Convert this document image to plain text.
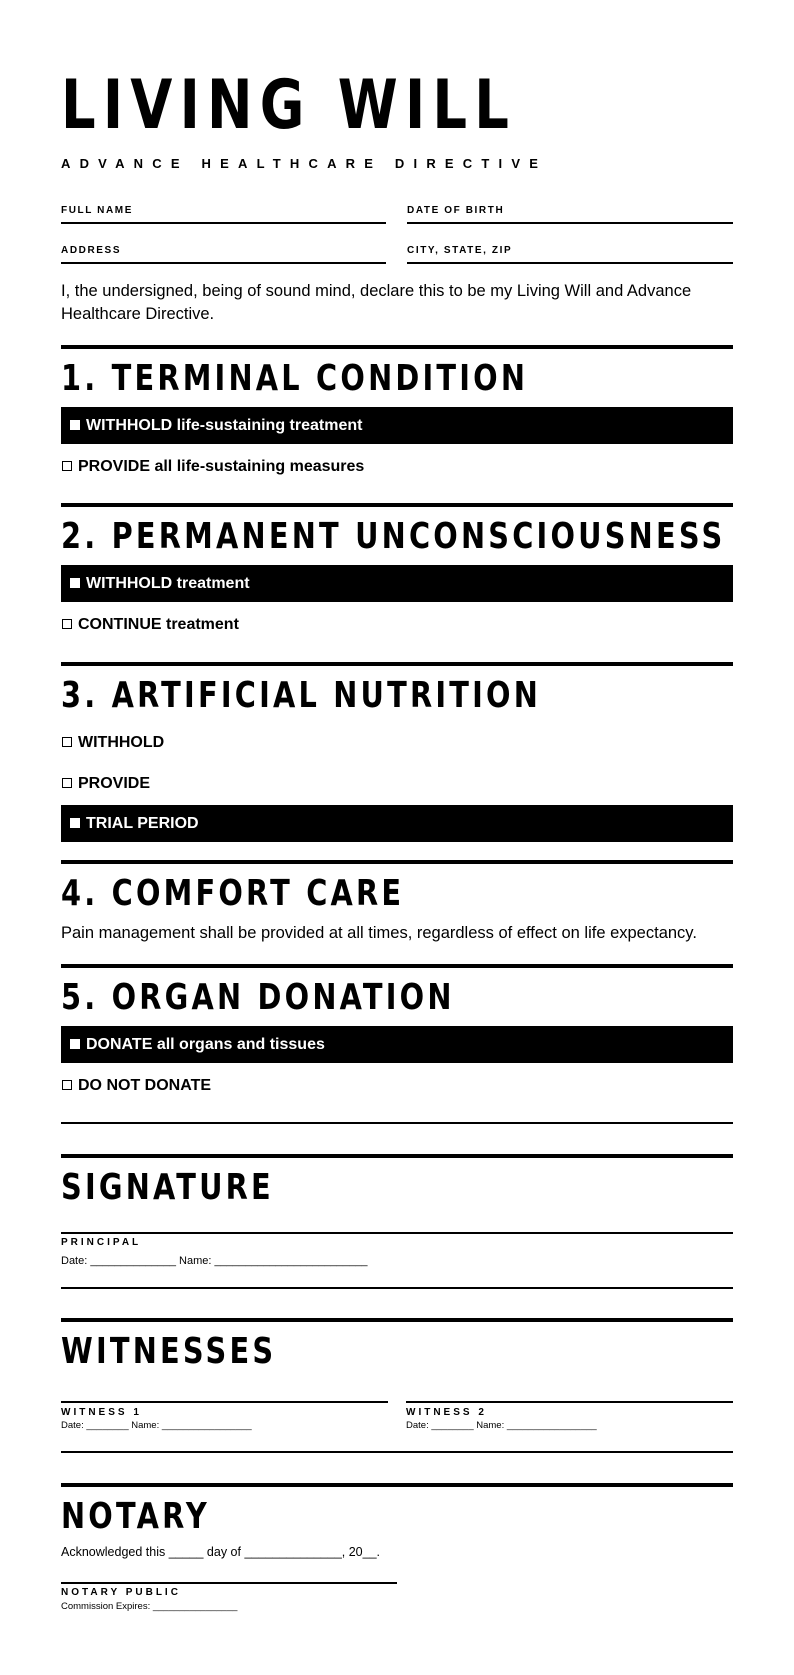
LIVING WILL
ADVANCE HEALTHCARE DIRECTIVE
FULL NAME	DATE OF BIRTH
ADDRESS	CITY, STATE, ZIP
I, the undersigned, being of sound mind, declare this to be my Living Will and Advance Healthcare Directive.
1. TERMINAL CONDITION
WITHHOLD life-sustaining treatment
PROVIDE all life-sustaining measures
2. PERMANENT UNCONSCIOUSNESS
WITHHOLD treatment
CONTINUE treatment
3. ARTIFICIAL NUTRITION
WITHHOLD
PROVIDE
TRIAL PERIOD
4. COMFORT CARE
Pain management shall be provided at all times, regardless of effect on life expectancy.
5. ORGAN DONATION
DONATE all organs and tissues
DO NOT DONATE
SIGNATURE
PRINCIPAL
Date: ______________ Name: _________________________
WITNESSES
WITNESS 1
Date: ________ Name: _________________
WITNESS 2
Date: ________ Name: _________________
NOTARY
Acknowledged this _____ day of ______________, 20__.
NOTARY PUBLIC
Commission Expires: ________________
